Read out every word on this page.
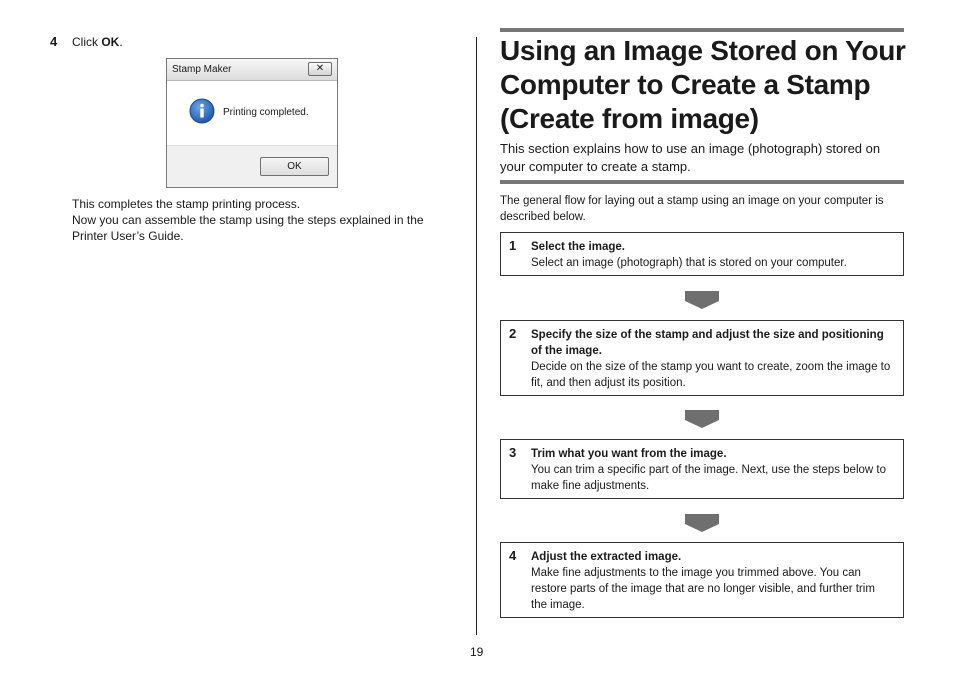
4	Click OK.
Stamp Maker	✕
Printing completed.
OK
This completes the stamp printing process.
Now you can assemble the stamp using the steps explained in the Printer User’s Guide.
19
Using an Image Stored on Your Computer to Create a Stamp (Create from image)
This section explains how to use an image (photograph) stored on your computer to create a stamp.
The general flow for laying out a stamp using an image on your computer is described below.
1 Select the image.
Select an image (photograph) that is stored on your computer.
2 Specify the size of the stamp and adjust the size and positioning of the image.
Decide on the size of the stamp you want to create, zoom the image to fit, and then adjust its position.
3 Trim what you want from the image.
You can trim a specific part of the image. Next, use the steps below to make fine adjustments.
4 Adjust the extracted image.
Make fine adjustments to the image you trimmed above. You can restore parts of the image that are no longer visible, and further trim the image.
